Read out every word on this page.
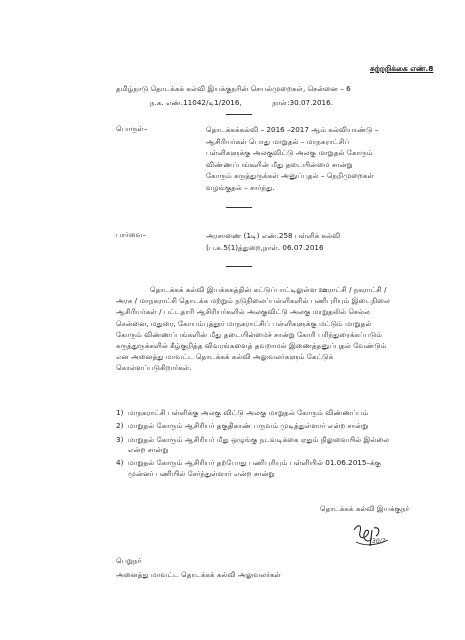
சுற்றறிக்கை எண்.8
தமிழ்நாடு தொடக்கக் கல்வி இயக்குநரின் செயல்முறைகள், சென்னை – 6
ந.க. எண்.11042/டி1/2016,	நாள்:30.07.2016.
பொருள்–	தொடக்கக்கல்வி – 2016 –2017 ஆம் கல்வியாண்டு –
ஆசிரியர்கள் பொது மாறுதல் – மாநகராட்சிப்
பள்ளிகளுக்கு அலகுவிட்டு அலகு மாறுதல் கோரும்
விண்ணப்பங்களின் மீது தடையின்மை சான்று
கோரும் கருத்துருக்கள் அனுப்புதல் – நெறிமுறைகள்
வழங்குதல் – சார்ந்து.
பார்வை–	அரசாணை (1டி) எண்.258 பள்ளிக் கல்வி
(ப.க.5(1)த்துறை,நாள். 06.07.2016
தொடக்கக் கல்வி இயக்ககத்தின் கட்டுப்பாட்டிலுள்ள ஊராட்சி / நகராட்சி /
அரசு / மாநகராட்சி தொடக்க மற்றும் நடுநிலைப்பள்ளிகளில் பணிபுரியும் இடைநிலை
ஆசிரியர்கள் / பட்டதாரி ஆசிரியர்களில் அலகுவிட்டு அலகு மாறுதலில் செல்ல
சென்னை, மதுரை, கோயம்புத்தூர் மாநகராட்சிப் பள்ளிகளுக்கு மட்டும் மாறுதல்
கோரும் விண்ணப்பங்களின் மீது தடையின்மைச் சான்று கோரி பரிந்துரைக்கப்படும்
கருத்துருக்களில் கீழ்குறித்த விவரங்களைத் தவறாமல் இணைத்தனுப்புதல் வேண்டும்
என அனைத்து மாவட்ட தொடக்கக் கல்வி அலுவலர்களும் கேட்டுக்
கொள்ளப்படுகிறார்கள்.
1) மாநகராட்சி பள்ளிக்கு அலகு விட்டு அலகு மாறுதல் கோரும் விண்ணப்பம்
2) மாறுதல் கோரும் ஆசிரியர் தகுதிகாண் பருவம் முடித்துள்ளார் என்ற சான்று
3) மாறுதல் கோரும் ஆசிரியர் மீது ஒழுங்கு நடவடிக்கை ஏதும் நிலுவையில் இல்லை
என்ற சான்று
4) மாறுதல் கோரும் ஆசிரியர் தற்போது பணிபுரியும் பள்ளியில் 01.06.2015–க்கு
முன்னர் பணியில் சேர்ந்துள்ளார் என்ற சான்று
தொடக்கக் கல்வி இயக்குநர்
30/7
பெறுநர்
அனைத்து மாவட்ட தொடக்கக் கல்வி அலுவலர்கள்
